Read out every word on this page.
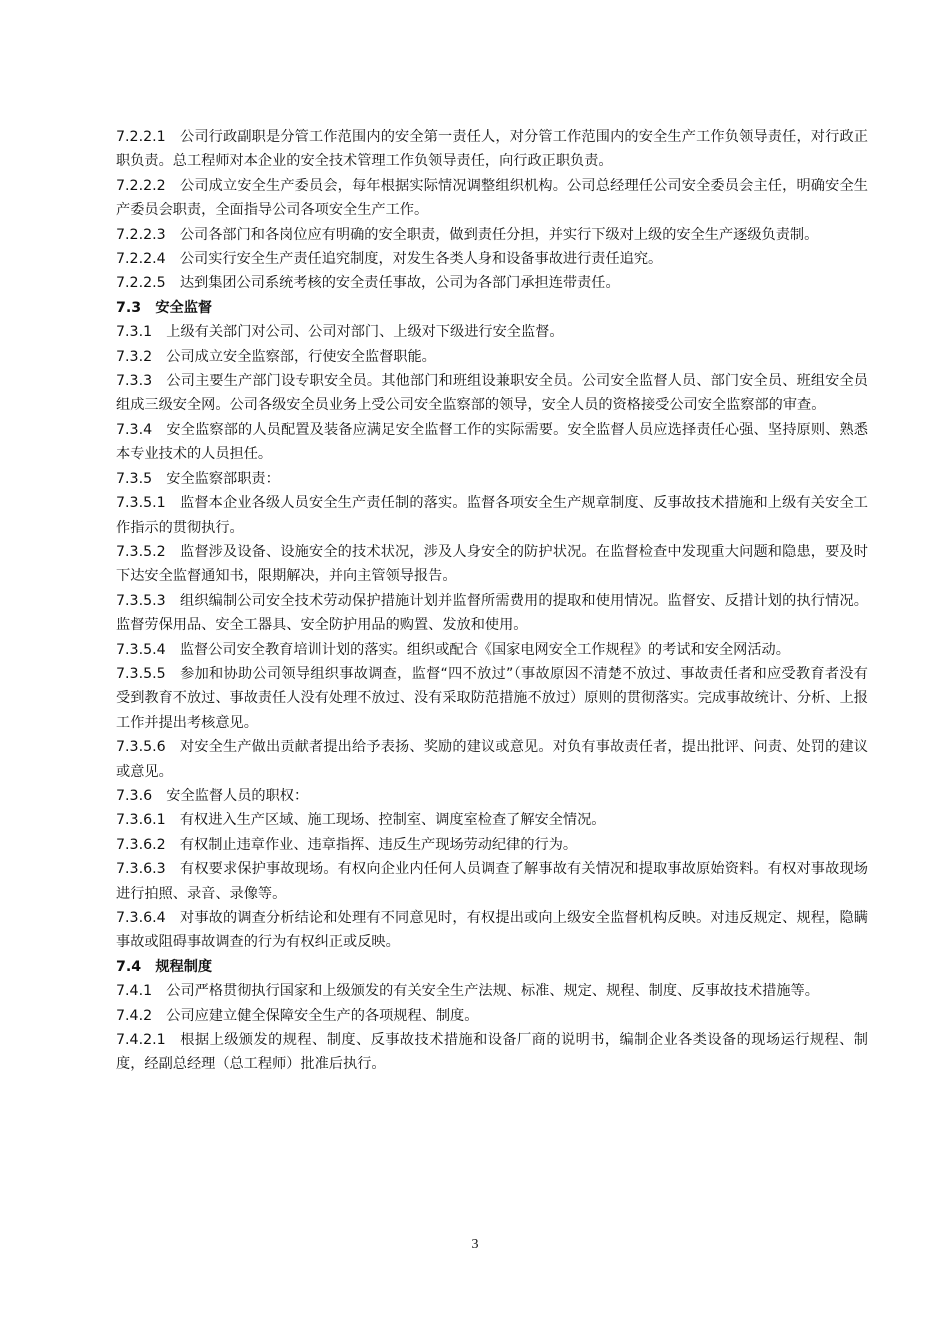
7.2.2.1  公司行政副职是分管工作范围内的安全第一责任人，对分管工作范围内的安全生产工作负领导责任，对行政正职负责。总工程师对本企业的安全技术管理工作负领导责任，向行政正职负责。

7.2.2.2  公司成立安全生产委员会，每年根据实际情况调整组织机构。公司总经理任公司安全委员会主任，明确安全生产委员会职责，全面指导公司各项安全生产工作。

7.2.2.3  公司各部门和各岗位应有明确的安全职责，做到责任分担，并实行下级对上级的安全生产逐级负责制。

7.2.2.4  公司实行安全生产责任追究制度，对发生各类人身和设备事故进行责任追究。

7.2.2.5  达到集团公司系统考核的安全责任事故，公司为各部门承担连带责任。

7.3  安全监督

7.3.1  上级有关部门对公司、公司对部门、上级对下级进行安全监督。

7.3.2  公司成立安全监察部，行使安全监督职能。

7.3.3  公司主要生产部门设专职安全员。其他部门和班组设兼职安全员。公司安全监督人员、部门安全员、班组安全员组成三级安全网。公司各级安全员业务上受公司安全监察部的领导，安全人员的资格接受公司安全监察部的审查。

7.3.4  安全监察部的人员配置及装备应满足安全监督工作的实际需要。安全监督人员应选择责任心强、坚持原则、熟悉本专业技术的人员担任。

7.3.5  安全监察部职责：

7.3.5.1  监督本企业各级人员安全生产责任制的落实。监督各项安全生产规章制度、反事故技术措施和上级有关安全工作指示的贯彻执行。

7.3.5.2  监督涉及设备、设施安全的技术状况，涉及人身安全的防护状况。在监督检查中发现重大问题和隐患，要及时下达安全监督通知书，限期解决，并向主管领导报告。

7.3.5.3  组织编制公司安全技术劳动保护措施计划并监督所需费用的提取和使用情况。监督安、反措计划的执行情况。监督劳保用品、安全工器具、安全防护用品的购置、发放和使用。

7.3.5.4  监督公司安全教育培训计划的落实。组织或配合《国家电网安全工作规程》的考试和安全网活动。

7.3.5.5  参加和协助公司领导组织事故调查，监督“四不放过”（事故原因不清楚不放过、事故责任者和应受教育者没有受到教育不放过、事故责任人没有处理不放过、没有采取防范措施不放过）原则的贯彻落实。完成事故统计、分析、上报工作并提出考核意见。

7.3.5.6  对安全生产做出贡献者提出给予表扬、奖励的建议或意见。对负有事故责任者，提出批评、问责、处罚的建议或意见。

7.3.6  安全监督人员的职权：

7.3.6.1  有权进入生产区域、施工现场、控制室、调度室检查了解安全情况。

7.3.6.2  有权制止违章作业、违章指挥、违反生产现场劳动纪律的行为。

7.3.6.3  有权要求保护事故现场。有权向企业内任何人员调查了解事故有关情况和提取事故原始资料。有权对事故现场进行拍照、录音、录像等。

7.3.6.4  对事故的调查分析结论和处理有不同意见时，有权提出或向上级安全监督机构反映。对违反规定、规程，隐瞒事故或阻碍事故调查的行为有权纠正或反映。

7.4  规程制度

7.4.1  公司严格贯彻执行国家和上级颁发的有关安全生产法规、标准、规定、规程、制度、反事故技术措施等。

7.4.2  公司应建立健全保障安全生产的各项规程、制度。

7.4.2.1  根据上级颁发的规程、制度、反事故技术措施和设备厂商的说明书，编制企业各类设备的现场运行规程、制度，经副总经理（总工程师）批准后执行。

3
